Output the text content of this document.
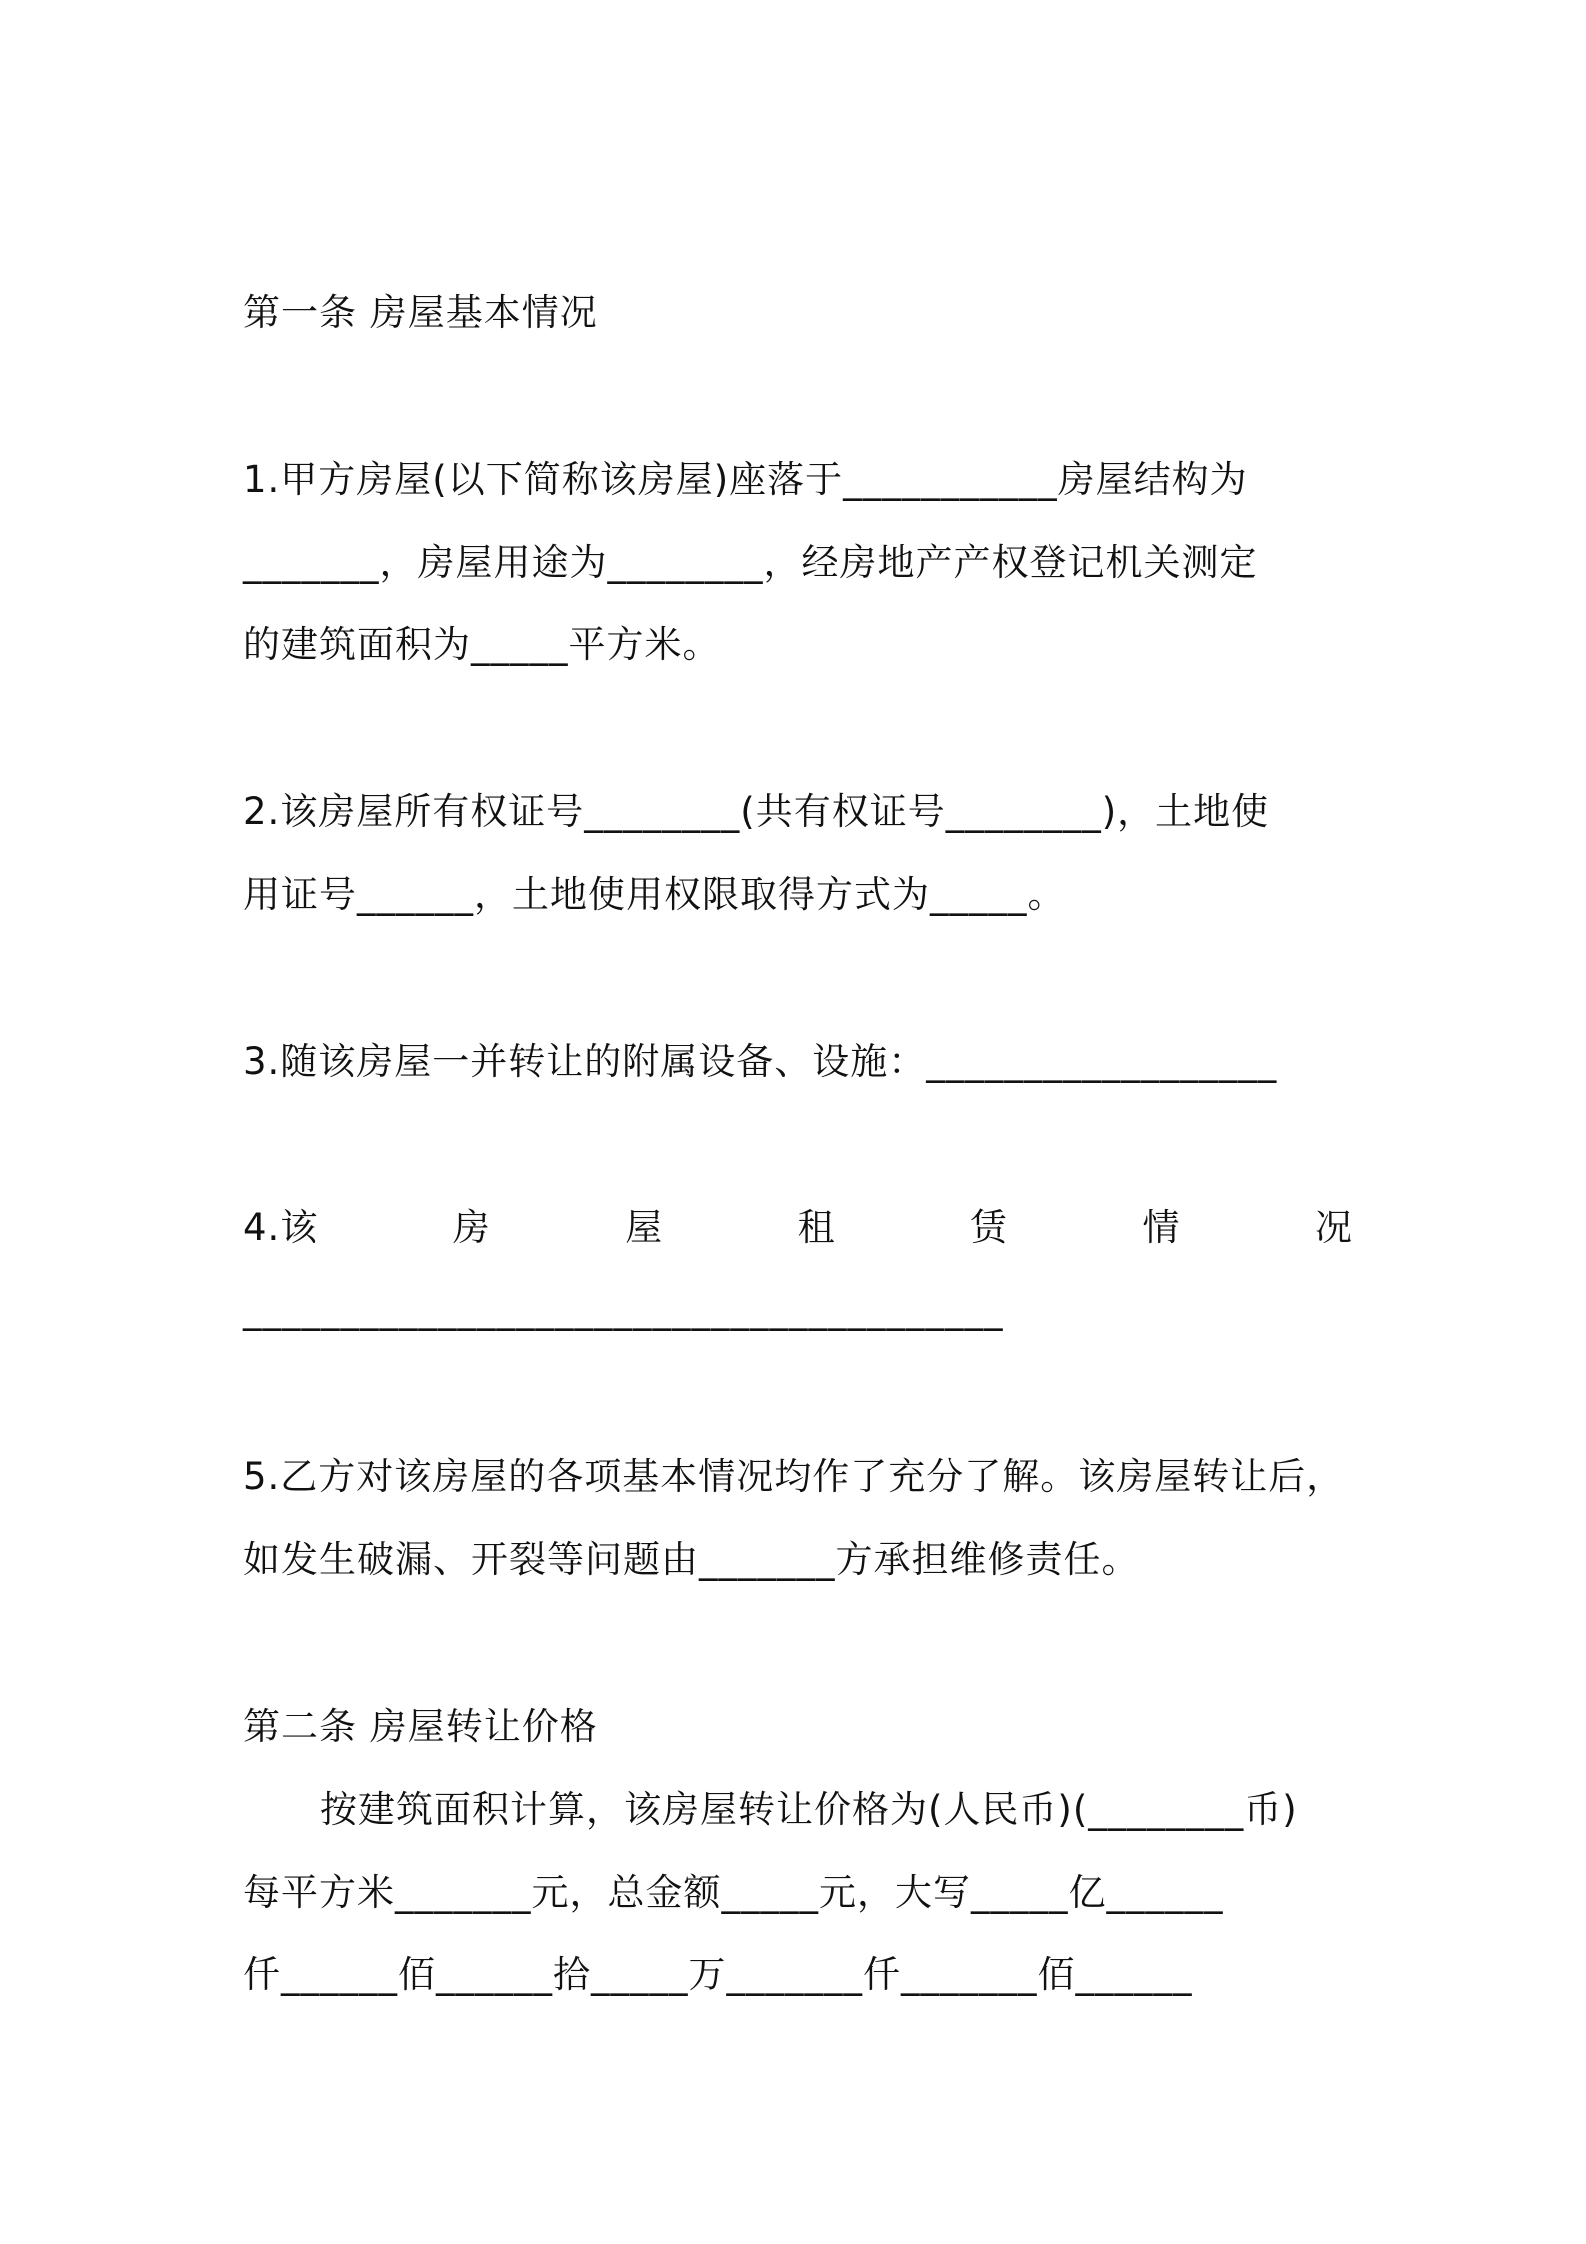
第一条 房屋基本情况
1.甲方房屋(以下简称该房屋)座落于___________房屋结构为
_______，房屋用途为________，经房地产产权登记机关测定
的建筑面积为_____平方米。
2.该房屋所有权证号________(共有权证号________)，土地使
用证号______，土地使用权限取得方式为_____。
3.随该房屋一并转让的附属设备、设施：__________________
4.该	房	屋	租	赁	情	况
_______________________________________
5.乙方对该房屋的各项基本情况均作了充分了解。该房屋转让后，
如发生破漏、开裂等问题由_______方承担维修责任。
第二条 房屋转让价格
按建筑面积计算，该房屋转让价格为(人民币)(________币)
每平方米_______元，总金额_____元，大写_____亿______
仟______佰______拾_____万_______仟_______佰______
